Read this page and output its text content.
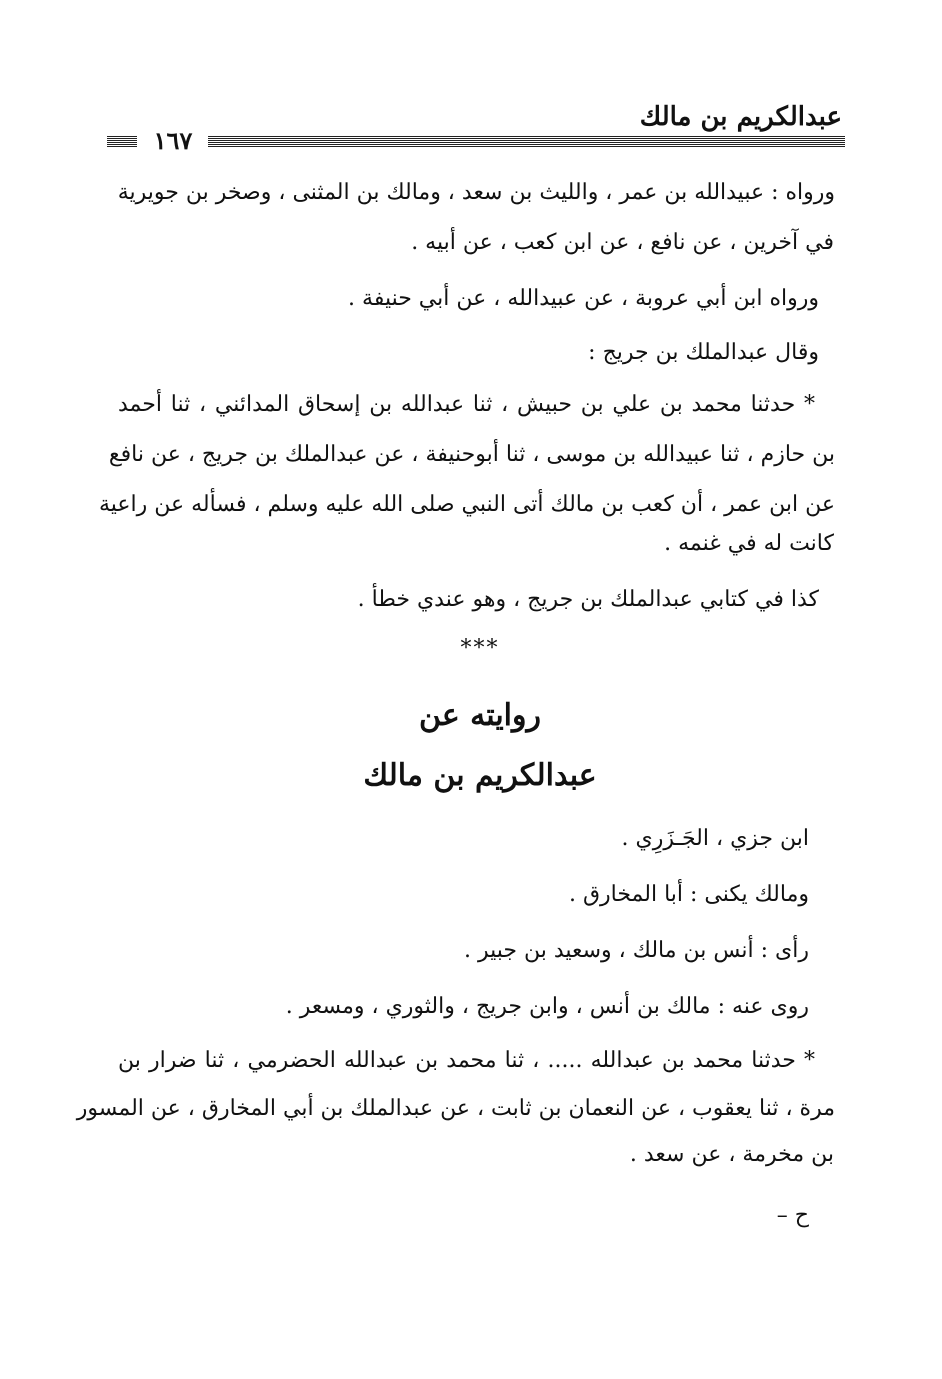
عبدالكريم بن مالك
١٦٧
ورواه : عبيدالله بن عمر ، والليث بن سعد ، ومالك بن المثنى ، وصخر بن جويرية
في آخرين ، عن نافع ، عن ابن كعب ، عن أبيه .
ورواه ابن أبي عروبة ، عن عبيدالله ، عن أبي حنيفة .
وقال عبدالملك بن جريج :
* حدثنا محمد بن علي بن حبيش ، ثنا عبدالله بن إسحاق المدائني ، ثنا أحمد
بن حازم ، ثنا عبيدالله بن موسى ، ثنا أبوحنيفة ، عن عبدالملك بن جريج ، عن نافع
عن ابن عمر ، أن كعب بن مالك أتى النبي صلى الله عليه وسلم ، فسأله عن راعية
كانت له في غنمه .
كذا في كتابي عبدالملك بن جريج ، وهو عندي خطأ .
***
روايته عن
عبدالكريم بن مالك
ابن جزي ، الجَـزَرِي .
ومالك يكنى : أبا المخارق .
رأى : أنس بن مالك ، وسعيد بن جبير .
روى عنه : مالك بن أنس ، وابن جريج ، والثوري ، ومسعر .
* حدثنا محمد بن عبدالله ..... ، ثنا محمد بن عبدالله الحضرمي ، ثنا ضرار بن
مرة ، ثنا يعقوب ، عن النعمان بن ثابت ، عن عبدالملك بن أبي المخارق ، عن المسور
بن مخرمة ، عن سعد .
ح –
